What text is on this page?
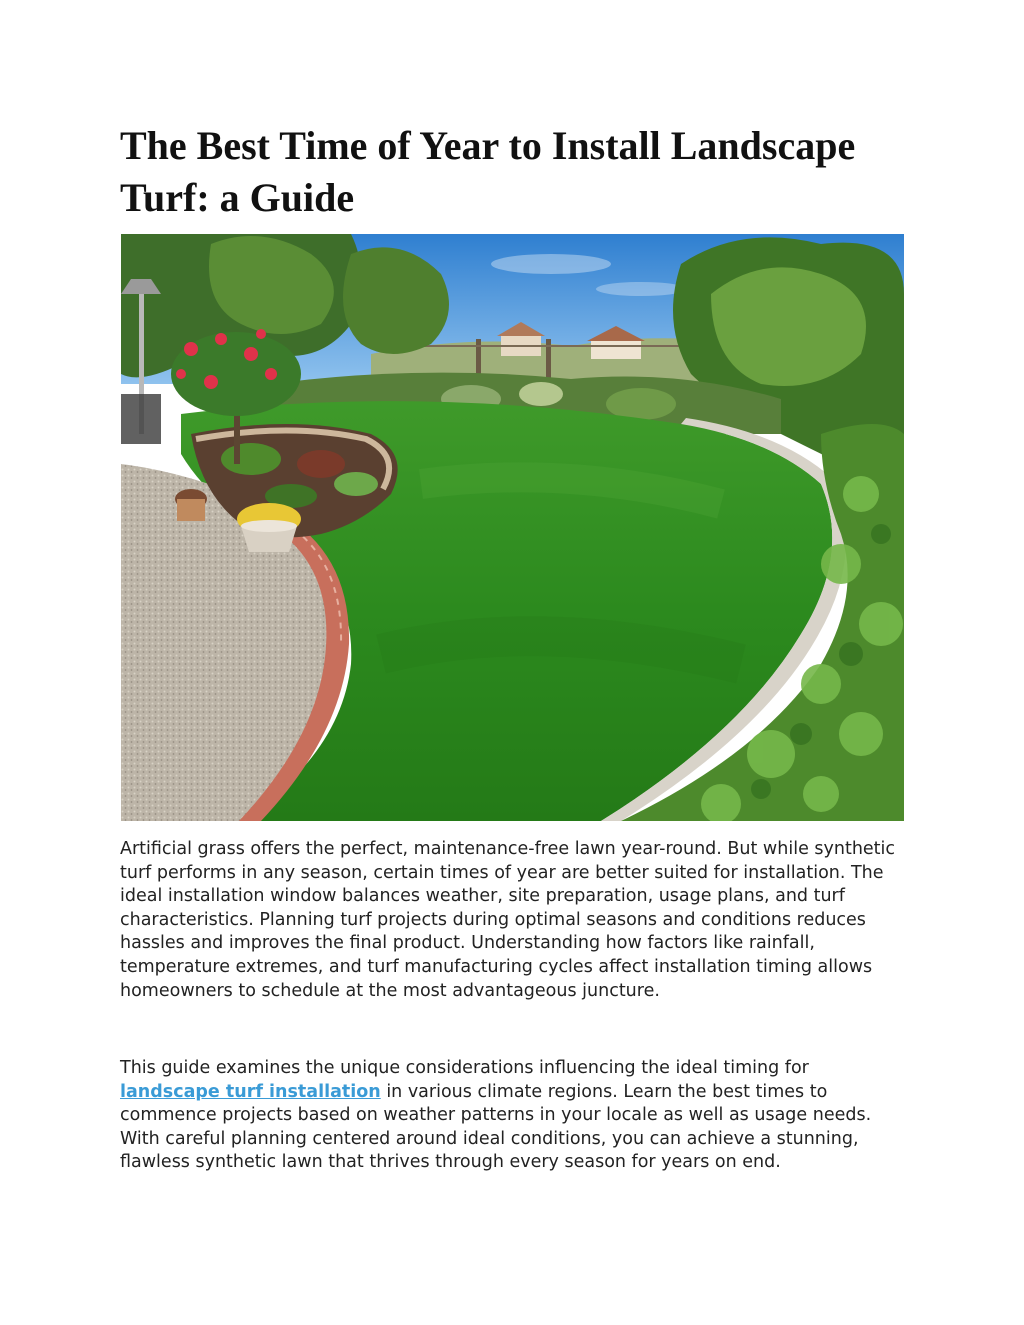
The Best Time of Year to Install Landscape Turf: a Guide

Artificial grass offers the perfect, maintenance-free lawn year-round. But while synthetic turf performs in any season, certain times of year are better suited for installation. The ideal installation window balances weather, site preparation, usage plans, and turf characteristics. Planning turf projects during optimal seasons and conditions reduces hassles and improves the final product. Understanding how factors like rainfall, temperature extremes, and turf manufacturing cycles affect installation timing allows homeowners to schedule at the most advantageous juncture.

This guide examines the unique considerations influencing the ideal timing for landscape turf installation in various climate regions. Learn the best times to commence projects based on weather patterns in your locale as well as usage needs. With careful planning centered around ideal conditions, you can achieve a stunning, flawless synthetic lawn that thrives through every season for years on end.
